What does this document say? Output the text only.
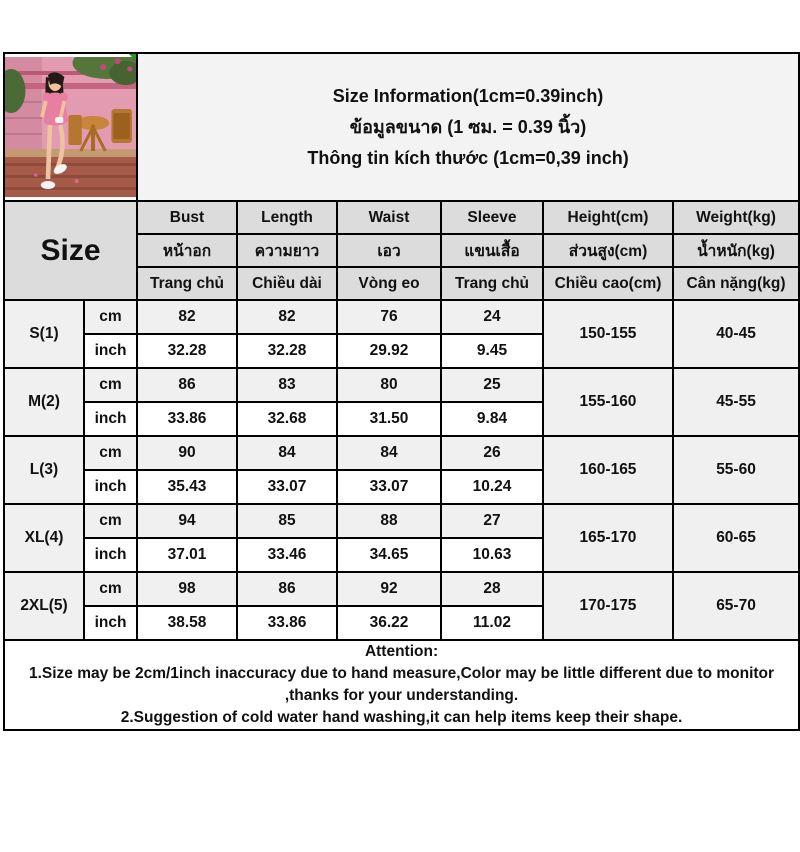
Size Information(1cm=0.39inch)
ข้อมูลขนาด (1 ซม. = 0.39 นิ้ว)
Thông tin kích thước (1cm=0,39 inch)					

Size		Bust	Length	Waist	Sleeve	Height(cm)	Weight(kg)
		หน้าอก	ความยาว	เอว	แขนเสื้อ	ส่วนสูง(cm)	น้ำหนัก(kg)
		Trang chủ	Chiều dài	Vòng eo	Trang chủ	Chiều cao(cm)	Cân nặng(kg)
S(1)	cm	82	82	76	24	150-155	40-45
	inch	32.28	32.28	29.92	9.45		
M(2)	cm	86	83	80	25	155-160	45-55
	inch	33.86	32.68	31.50	9.84		
L(3)	cm	90	84	84	26	160-165	55-60
	inch	35.43	33.07	33.07	10.24		
XL(4)	cm	94	85	88	27	165-170	60-65
	inch	37.01	33.46	34.65	10.63		
2XL(5)	cm	98	86	92	28	170-175	65-70
	inch	38.58	33.86	36.22	11.02		

Attention:

1.Size may be 2cm/1inch inaccuracy due to hand measure,Color may be little different due to monitor ,thanks for your understanding.

2.Suggestion of cold water hand washing,it can help items keep their shape.							
